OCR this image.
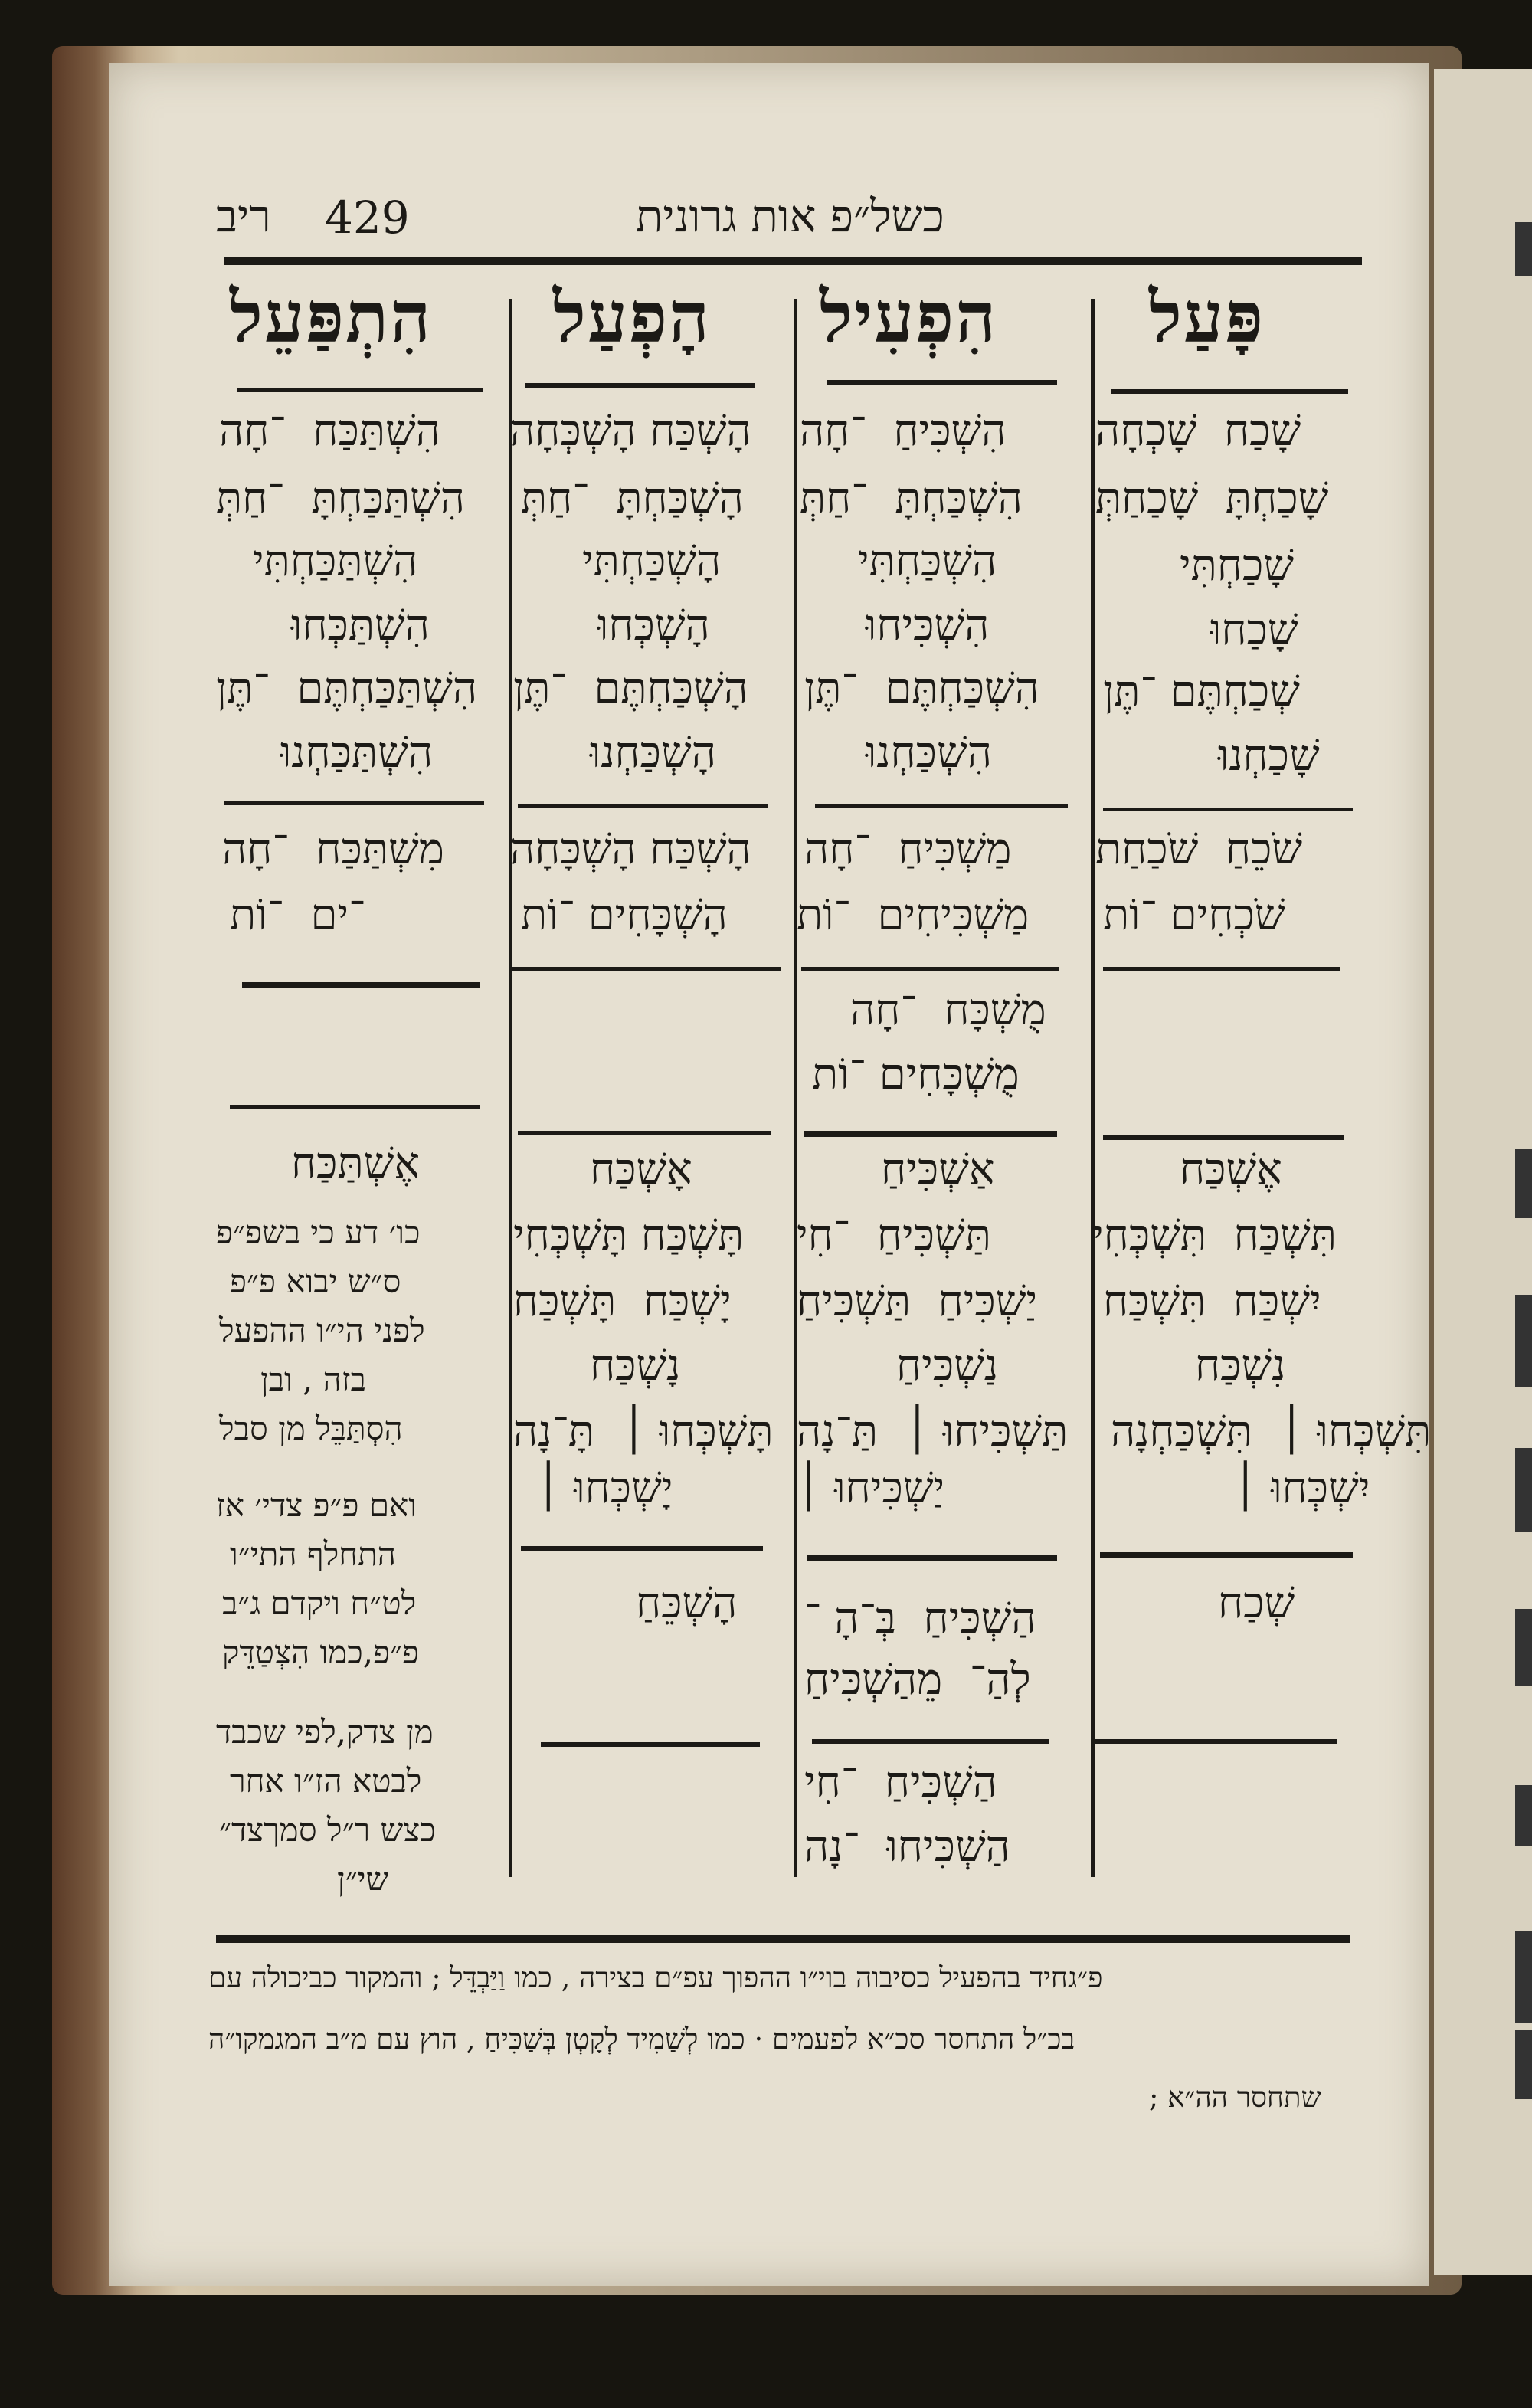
ריב 429	כשל״פ אות גרונית
פָּעַל
הִפְעִיל
הָפְעַל
הִתְפַּעֵל
שָׁכַח ‏ שָׁכְחָה
שָׁכַחְתָּ ‏ שָׁכַחַתְּ
שָׁכַחְתִּי
שָׁכַחוּ
שְׁכַחְתֶּם ־תֶּן
שָׁכַחְנוּ
שֹׁכֵחַ ‏ שֹׁכַחַת
שֹׁכְחִים ־וֹת
אֶשְׁכַּח
תִּשְׁכַּח ‏ תִּשְׁכְּחִי
יִשְׁכַּח ‏ תִּשְׁכַּח
נִשְׁכַּח
תִּשְׁכְּחוּ ׀ ‏ תִּשְׁכַּחְנָה
יִשְׁכְּחוּ ׀
שְׁכַח
הִשְׁכִּיחַ ‏ ־חָה
הִשְׁכַּחְתָּ ‏ ־חַתְּ
הִשְׁכַּחְתִּי
הִשְׁכִּיחוּ
הִשְׁכַּחְתֶּם ‏ ־תֶּן
הִשְׁכַּחְנוּ
מַשְׁכִּיחַ ‏ ־חָה
מַשְׁכִּיחִים ‏ ־וֹת
מֻשְׁכָּח ‏ ־חָה
מֻשְׁכָּחִים ־וֹת
אַשְׁכִּיחַ
תַּשְׁכִּיחַ ‏ ־חִי
יַשְׁכִּיחַ ‏ תַּשְׁכִּיחַ
נַשְׁכִּיחַ
תַּשְׁכִּיחוּ ׀ ‏ תַּ־נָה
יַשְׁכִּיחוּ ׀
הַשְׁכִּיחַ ‏ בְּ־הָ ־
לְהַ־ ‏ מֵהַשְׁכִּיחַ
הַשְׁכִּיחַ ‏ ־חִי
הַשְׁכִּיחוּ ‏ ־נָה
הָשְׁכַּח הָשְׁכְּחָה
הָשְׁכַּחְתָּ ‏ ־חַתְּ
הָשְׁכַּחְתִּי
הָשְׁכְּחוּ
הָשְׁכַּחְתֶּם ‏ ־תֶּן
הָשְׁכַּחְנוּ
הָשְׁכַּח הָשְׁכָּחָה
הָשְׁכָּחִים ־וֹת
אָשְׁכַּח
תָּשְׁכַּח תָּשְׁכְּחִי
יָשְׁכַּח ‏ תָּשְׁכַּח
נָשְׁכַּח
תָּשְׁכְּחוּ ׀ ‏ תָּ־נָה
יָשְׁכְּחוּ ׀
הָשְׁכֵּחַ
הִשְׁתַּכַּח ‏ ־חָה
הִשְׁתַּכַּחְתָּ ‏ ־חַתְּ
הִשְׁתַּכַּחְתִּי
הִשְׁתַּכְּחוּ
הִשְׁתַּכַּחְתֶּם ‏ ־תֶּן
הִשְׁתַּכַּחְנוּ
מִשְׁתַּכַּח ‏ ־חָה
־ים ‏ ־וֹת
אֶשְׁתַּכַּח
כו׳ דע כי בשפ״פ
ס״ש יבוא פ״פ
לפני הי״ו ההפעל
בזה , ובן
הִסְתַּבֵּל מן סבל
ואם פ״פ צדי׳ אז
התחלף התי״ו
לט״ח ויקדם ג״ב
פ״פ,כמו הִצְטַדֵּק
מן צדק,לפי שכבד
לבטא הז״ו אחר
כצש ר״ל סמךצד״
שי״ן
פ״גחיד בהפעיל כסיבוה בוי״ו ההפוך עפ״ם בצירה , כמו וַיַּבְדֵּל ; והמקור כביכולה עם
בכ״ל התחסר סכ״א לפעמים · כמו לְשַׁמִיד לְקָטְן בְּשַׁכִּיחַ , הוץ עם מ״ב המגמקו״ה
שתחסר הה״א ;
